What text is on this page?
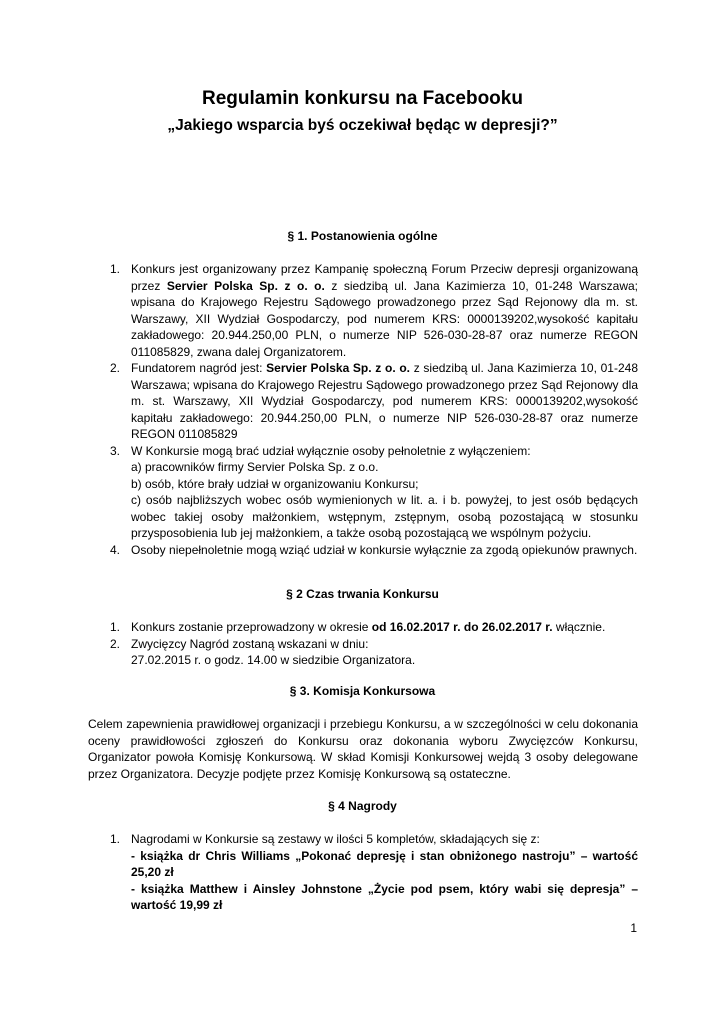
Regulamin konkursu na Facebooku
„Jakiego wsparcia byś oczekiwał będąc w depresji?”
§ 1. Postanowienia ogólne
1. Konkurs jest organizowany przez Kampanię społeczną Forum Przeciw depresji organizowaną przez Servier Polska Sp. z o. o. z siedzibą ul. Jana Kazimierza 10, 01-248 Warszawa; wpisana do Krajowego Rejestru Sądowego prowadzonego przez Sąd Rejonowy dla m. st. Warszawy, XII Wydział Gospodarczy, pod numerem KRS: 0000139202,wysokość kapitału zakładowego: 20.944.250,00 PLN, o numerze NIP 526-030-28-87 oraz numerze REGON 011085829, zwana dalej Organizatorem.
2. Fundatorem nagród jest: Servier Polska Sp. z o. o. z siedzibą ul. Jana Kazimierza 10, 01-248 Warszawa; wpisana do Krajowego Rejestru Sądowego prowadzonego przez Sąd Rejonowy dla m. st. Warszawy, XII Wydział Gospodarczy, pod numerem KRS: 0000139202,wysokość kapitału zakładowego: 20.944.250,00 PLN, o numerze NIP 526-030-28-87 oraz numerze REGON 011085829
3. W Konkursie mogą brać udział wyłącznie osoby pełnoletnie z wyłączeniem:
a) pracowników firmy Servier Polska Sp. z o.o.
b) osób, które brały udział w organizowaniu Konkursu;
c) osób najbliższych wobec osób wymienionych w lit. a. i b. powyżej, to jest osób będących wobec takiej osoby małżonkiem, wstępnym, zstępnym, osobą pozostającą w stosunku przysposobienia lub jej małżonkiem, a także osobą pozostającą we wspólnym pożyciu.
4. Osoby niepełnoletnie mogą wziąć udział w konkursie wyłącznie za zgodą opiekunów prawnych.
§ 2 Czas trwania Konkursu
1. Konkurs zostanie przeprowadzony w okresie od 16.02.2017 r. do 26.02.2017 r. włącznie.
2. Zwycięzcy Nagród zostaną wskazani w dniu:
27.02.2015 r. o godz. 14.00 w siedzibie Organizatora.
§ 3. Komisja Konkursowa

Celem zapewnienia prawidłowej organizacji i przebiegu Konkursu, a w szczególności w celu dokonania oceny prawidłowości zgłoszeń do Konkursu oraz dokonania wyboru Zwycięzców Konkursu, Organizator powoła Komisję Konkursową. W skład Komisji Konkursowej wejdą 3 osoby delegowane przez Organizatora. Decyzje podjęte przez Komisję Konkursową są ostateczne.

§ 4 Nagrody
1. Nagrodami w Konkursie są zestawy w ilości 5 kompletów, składających się z:
- książka dr Chris Williams „Pokonać depresję i stan obniżonego nastroju” – wartość 25,20 zł
- książka Matthew i Ainsley Johnstone „Życie pod psem, który wabi się depresja” – wartość 19,99 zł
1
